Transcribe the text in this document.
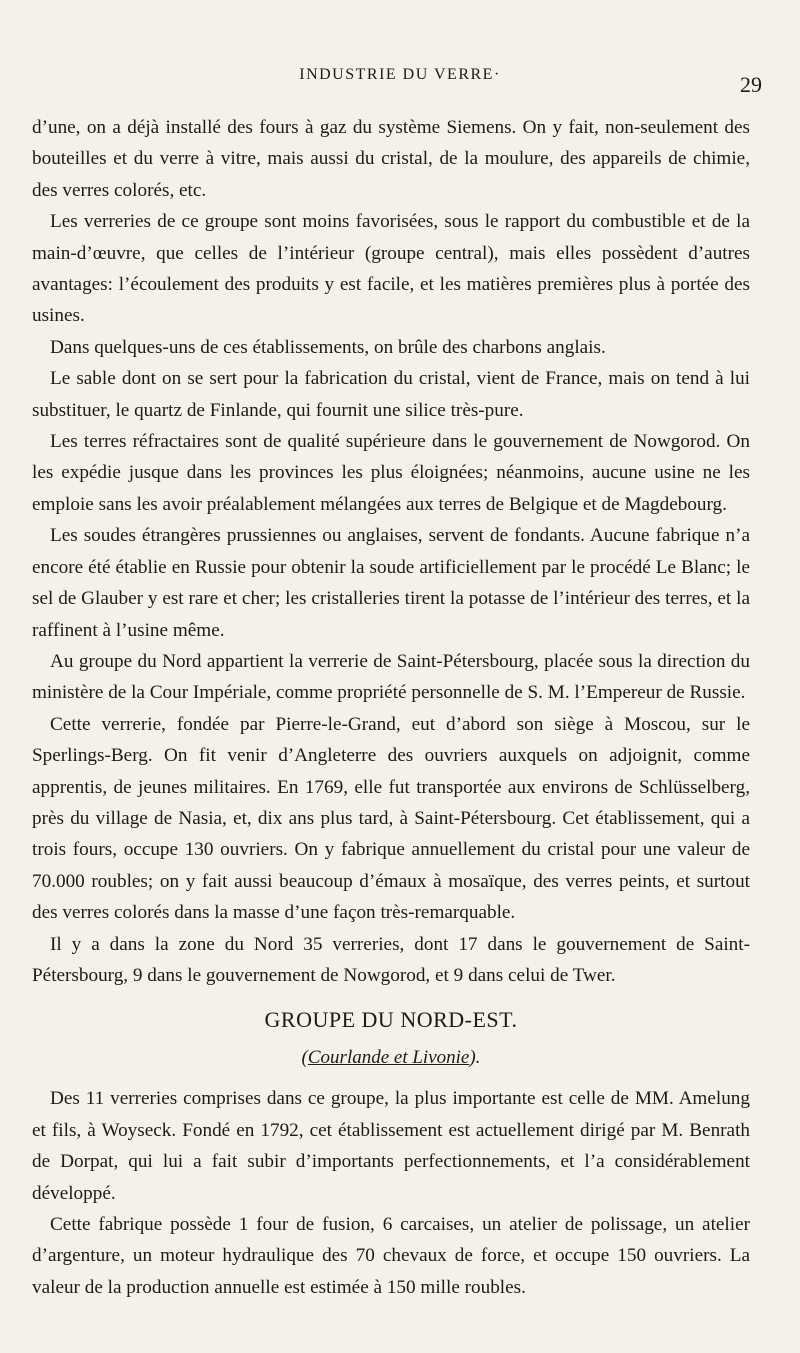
INDUSTRIE DU VERRE·	29

d’une, on a déjà installé des fours à gaz du système Siemens. On y fait, non-seulement des bouteilles et du verre à vitre, mais aussi du cristal, de la moulure, des appareils de chimie, des verres colorés, etc.

Les verreries de ce groupe sont moins favorisées, sous le rapport du combustible et de la main-d’œuvre, que celles de l’intérieur (groupe central), mais elles possèdent d’autres avantages: l’écoulement des produits y est facile, et les matières premières plus à portée des usines.

Dans quelques-uns de ces établissements, on brûle des charbons anglais.

Le sable dont on se sert pour la fabrication du cristal, vient de France, mais on tend à lui substituer, le quartz de Finlande, qui fournit une silice très-pure.

Les terres réfractaires sont de qualité supérieure dans le gouvernement de Nowgorod. On les expédie jusque dans les provinces les plus éloignées; néanmoins, aucune usine ne les emploie sans les avoir préalablement mélangées aux terres de Belgique et de Magdebourg.

Les soudes étrangères prussiennes ou anglaises, servent de fondants. Aucune fabrique n’a encore été établie en Russie pour obtenir la soude artificiellement par le procédé Le Blanc; le sel de Glauber y est rare et cher; les cristalleries tirent la potasse de l’intérieur des terres, et la raffinent à l’usine même.

Au groupe du Nord appartient la verrerie de Saint-Pétersbourg, placée sous la direction du ministère de la Cour Impériale, comme propriété personnelle de S. M. l’Empereur de Russie.

Cette verrerie, fondée par Pierre-le-Grand, eut d’abord son siège à Moscou, sur le Sperlings-Berg. On fit venir d’Angleterre des ouvriers auxquels on adjoignit, comme apprentis, de jeunes militaires. En 1769, elle fut transportée aux environs de Schlüsselberg, près du village de Nasia, et, dix ans plus tard, à Saint-Pétersbourg. Cet établissement, qui a trois fours, occupe 130 ouvriers. On y fabrique annuellement du cristal pour une valeur de 70.000 roubles; on y fait aussi beaucoup d’émaux à mosaïque, des verres peints, et surtout des verres colorés dans la masse d’une façon très-remarquable.

Il y a dans la zone du Nord 35 verreries, dont 17 dans le gouvernement de Saint-Pétersbourg, 9 dans le gouvernement de Nowgorod, et 9 dans celui de Twer.

GROUPE DU NORD-EST.
(Courlande et Livonie).

Des 11 verreries comprises dans ce groupe, la plus importante est celle de MM. Amelung et fils, à Woyseck. Fondé en 1792, cet établissement est actuellement dirigé par M. Benrath de Dorpat, qui lui a fait subir d’importants perfectionnements, et l’a considérablement développé.

Cette fabrique possède 1 four de fusion, 6 carcaises, un atelier de polissage, un atelier d’argenture, un moteur hydraulique des 70 chevaux de force, et occupe 150 ouvriers. La valeur de la production annuelle est estimée à 150 mille roubles.
